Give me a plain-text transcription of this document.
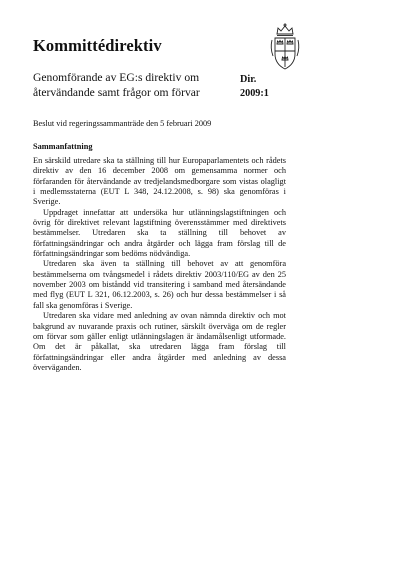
Kommittédirektiv
Genomförande av EG:s direktiv om
återvändande samt frågor om förvar
Dir.
2009:1
Beslut vid regeringssammanträde den 5 februari 2009
Sammanfattning

En särskild utredare ska ta ställning till hur Europaparlamentets och rådets direktiv av den 16 december 2008 om gemensamma normer och förfaranden för återvändande av tredjelandsmedborgare som vistas olagligt i medlemsstaterna (EUT L 348, 24.12.2008, s. 98) ska genomföras i Sverige.

Uppdraget innefattar att undersöka hur utlänningslagstiftningen och övrig för direktivet relevant lagstiftning överensstämmer med direktivets bestämmelser. Utredaren ska ta ställning till behovet av författningsändringar och andra åtgärder och lägga fram förslag till de författningsändringar som bedöms nödvändiga.

Utredaren ska även ta ställning till behovet av att genomföra bestämmelserna om tvångsmedel i rådets direktiv 2003/110/EG av den 25 november 2003 om biståndd vid transitering i samband med återsändande med flyg (EUT L 321, 06.12.2003, s. 26) och hur dessa bestämmelser i så fall ska genomföras i Sverige.

Utredaren ska vidare med anledning av ovan nämnda direktiv och mot bakgrund av nuvarande praxis och rutiner, särskilt överväga om de regler om förvar som gäller enligt utlänningslagen är ändamålsenligt utformade. Om det är påkallat, ska utredaren lägga fram förslag till författningsändringar eller andra åtgärder med anledning av dessa överväganden.
